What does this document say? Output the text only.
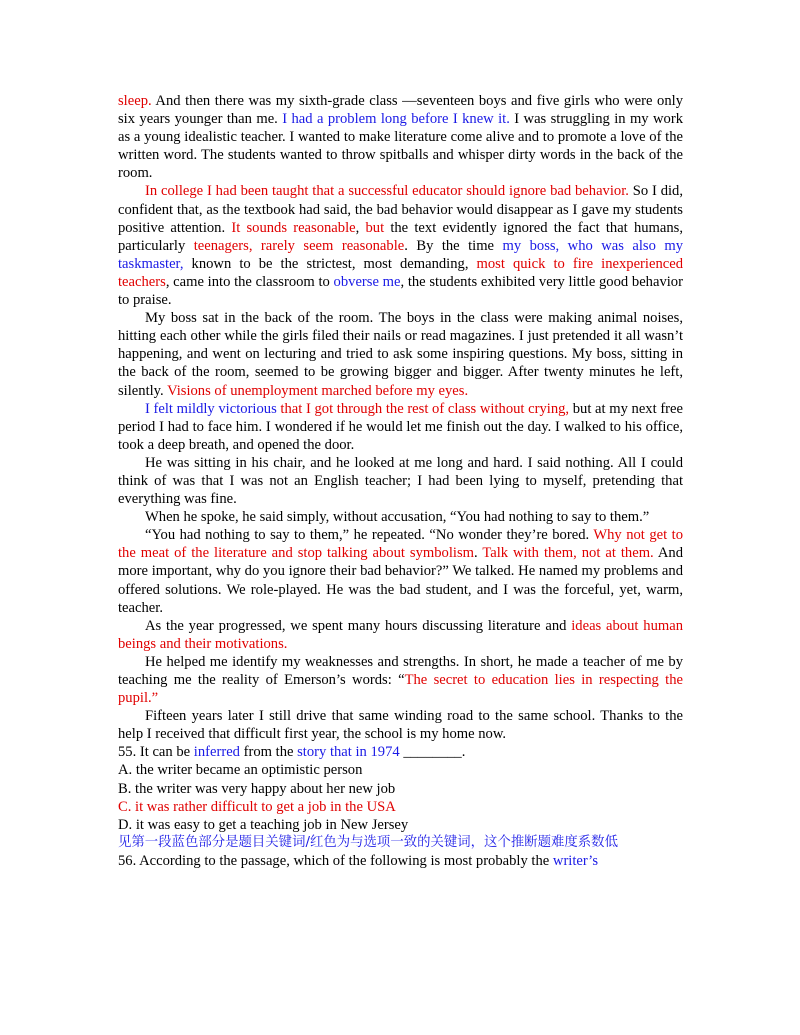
sleep. And then there was my sixth-grade class —seventeen boys and five girls who were only six years younger than me. I had a problem long before I knew it. I was struggling in my work as a young idealistic teacher. I wanted to make literature come alive and to promote a love of the written word. The students wanted to throw spitballs and whisper dirty words in the back of the room.

In college I had been taught that a successful educator should ignore bad behavior. So I did, confident that, as the textbook had said, the bad behavior would disappear as I gave my students positive attention. It sounds reasonable, but the text evidently ignored the fact that humans, particularly teenagers, rarely seem reasonable. By the time my boss, who was also my taskmaster, known to be the strictest, most demanding, most quick to fire inexperienced teachers, came into the classroom to obverse me, the students exhibited very little good behavior to praise.

My boss sat in the back of the room. The boys in the class were making animal noises, hitting each other while the girls filed their nails or read magazines. I just pretended it all wasn’t happening, and went on lecturing and tried to ask some inspiring questions. My boss, sitting in the back of the room, seemed to be growing bigger and bigger. After twenty minutes he left, silently. Visions of unemployment marched before my eyes.

I felt mildly victorious that I got through the rest of class without crying, but at my next free period I had to face him. I wondered if he would let me finish out the day. I walked to his office, took a deep breath, and opened the door.

He was sitting in his chair, and he looked at me long and hard. I said nothing. All I could think of was that I was not an English teacher; I had been lying to myself, pretending that everything was fine.

When he spoke, he said simply, without accusation, “You had nothing to say to them.”

“You had nothing to say to them,” he repeated. “No wonder they’re bored. Why not get to the meat of the literature and stop talking about symbolism. Talk with them, not at them. And more important, why do you ignore their bad behavior?” We talked. He named my problems and offered solutions. We role-played. He was the bad student, and I was the forceful, yet, warm, teacher.

As the year progressed, we spent many hours discussing literature and ideas about human beings and their motivations.

He helped me identify my weaknesses and strengths. In short, he made a teacher of me by teaching me the reality of Emerson’s words: “The secret to education lies in respecting the pupil.”

Fifteen years later I still drive that same winding road to the same school. Thanks to the help I received that difficult first year, the school is my home now.

55. It can be inferred from the story that in 1974 ________.

A. the writer became an optimistic person

B. the writer was very happy about her new job

C. it was rather difficult to get a job in the USA

D. it was easy to get a teaching job in New Jersey

见第一段蓝色部分是题目关键词/红色为与选项一致的关键词，这个推断题难度系数低

56. According to the passage, which of the following is most probably the writer’s
